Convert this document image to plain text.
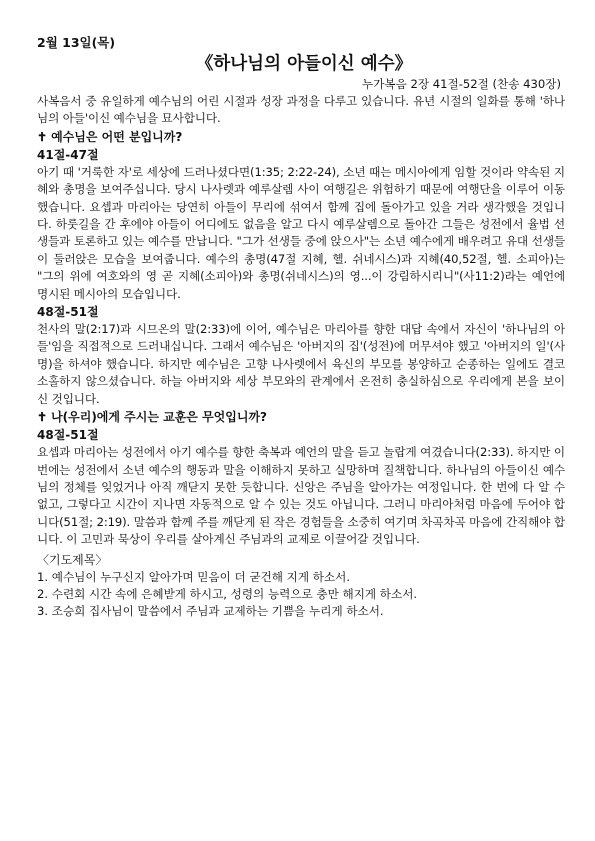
2월 13일(목)
《하나님의 아들이신 예수》
누가복음 2장 41절-52절 (찬송 430장)

사복음서 중 유일하게 예수님의 어린 시절과 성장 과정을 다루고 있습니다. 유년 시절의 일화를 통해 '하나님의 아들'이신 예수님을 묘사합니다.

✝ 예수님은 어떤 분입니까?
41절-47절

아기 때 '거룩한 자'로 세상에 드러나셨다면(1:35; 2:22-24), 소년 때는 메시아에게 임할 것이라 약속된 지혜와 총명을 보여주십니다. 당시 나사렛과 예루살렘 사이 여행길은 위험하기 때문에 여행단을 이루어 이동했습니다. 요셉과 마리아는 당연히 아들이 무리에 섞여서 함께 집에 돌아가고 있을 거라 생각했을 것입니다. 하룻길을 간 후에야 아들이 어디에도 없음을 알고 다시 예루살렘으로 돌아간 그들은 성전에서 율법 선생들과 토론하고 있는 예수를 만납니다. "그가 선생들 중에 앉으사"는 소년 예수에게 배우려고 유대 선생들이 둘러앉은 모습을 보여줍니다. 예수의 총명(47절 지혜, 헬. 쉬네시스)과 지혜(40,52절, 헬. 소피아)는 "그의 위에 여호와의 영 곧 지혜(소피아)와 총명(쉬네시스)의 영...이 강림하시리니"(사11:2)라는 예언에 명시된 메시아의 모습입니다.

48절-51절

천사의 말(2:17)과 시므온의 말(2:33)에 이어, 예수님은 마리아를 향한 대답 속에서 자신이 '하나님의 아들'임을 직접적으로 드러내십니다. 그래서 예수님은 '아버지의 집'(성전)에 머무셔야 했고 '아버지의 일'(사명)을 하셔야 했습니다. 하지만 예수님은 고향 나사렛에서 육신의 부모를 봉양하고 순종하는 일에도 결코 소홀하지 않으셨습니다. 하늘 아버지와 세상 부모와의 관계에서 온전히 충실하심으로 우리에게 본을 보이신 것입니다.

✝ 나(우리)에게 주시는 교훈은 무엇입니까?
48절-51절

요셉과 마리아는 성전에서 아기 예수를 향한 축복과 예언의 말을 듣고 놀랍게 여겼습니다(2:33). 하지만 이번에는 성전에서 소년 예수의 행동과 말을 이해하지 못하고 실망하며 질책합니다. 하나님의 아들이신 예수님의 정체를 잊었거나 아직 깨닫지 못한 듯합니다. 신앙은 주님을 알아가는 여정입니다. 한 번에 다 알 수 없고, 그렇다고 시간이 지나면 자동적으로 알 수 있는 것도 아닙니다. 그러니 마리아처럼 마음에 두어야 합니다(51절; 2:19). 말씀과 함께 주를 깨닫게 된 작은 경험들을 소중히 여기며 차곡차곡 마음에 간직해야 합니다. 이 고민과 묵상이 우리를 살아계신 주님과의 교제로 이끌어갈 것입니다.

〈기도제목〉
1. 예수님이 누구신지 알아가며 믿음이 더 굳건해 지게 하소서.
2. 수련회 시간 속에 은혜받게 하시고, 성령의 능력으로 충만 해지게 하소서.
3. 조승희 집사님이 말씀에서 주님과 교제하는 기쁨을 누리게 하소서.
